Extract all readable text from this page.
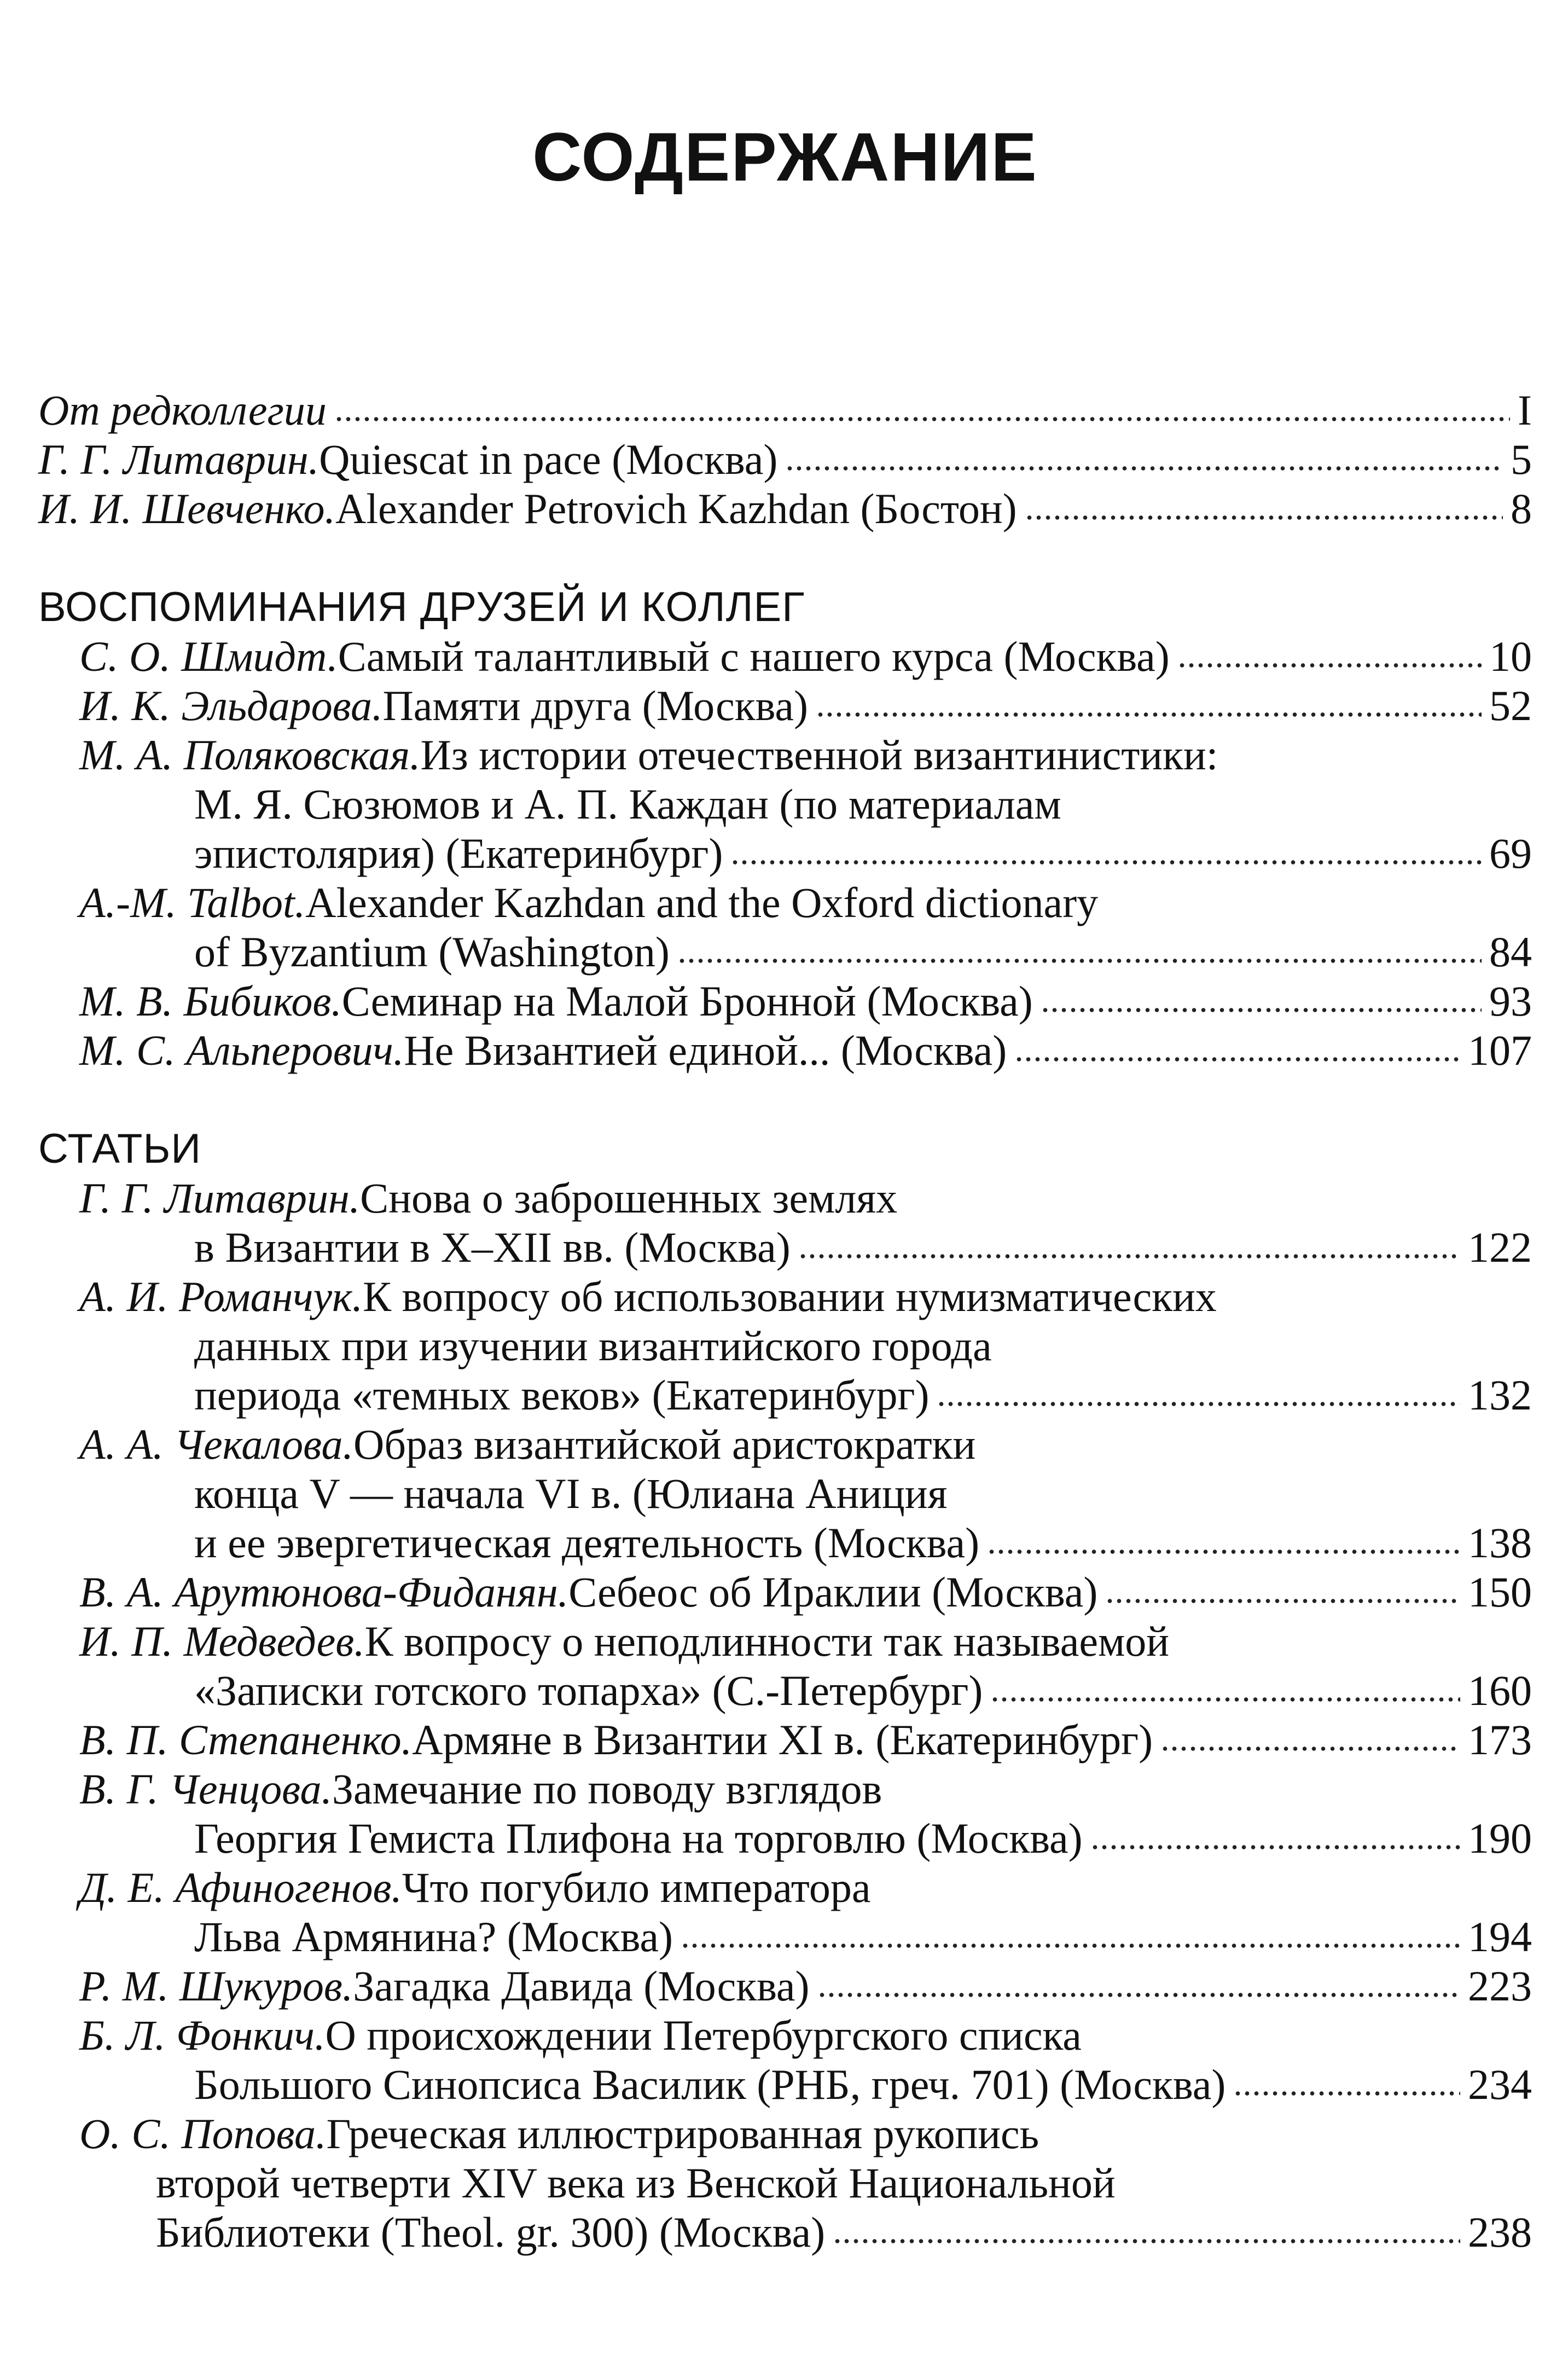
СОДЕРЖАНИЕ
От редколлегии	I
Г. Г. Литаврин. Quiescat in pace (Москва)	5
И. И. Шевченко. Alexander Petrovich Kazhdan (Бостон)	8
ВОСПОМИНАНИЯ ДРУЗЕЙ И КОЛЛЕГ
С. О. Шмидт. Самый талантливый с нашего курса (Москва)	10
И. К. Эльдарова. Памяти друга (Москва)	52
М. А. Поляковская. Из истории отечественной византинистики:
М. Я. Сюзюмов и А. П. Каждан (по материалам
эпистолярия) (Екатеринбург)	69
А.-М. Talbot. Alexander Kazhdan and the Oxford dictionary
of Byzantium (Washington)	84
М. В. Бибиков. Семинар на Малой Бронной (Москва)	93
М. С. Альперович. Не Византией единой... (Москва)	107
СТАТЬИ
Г. Г. Литаврин. Снова о заброшенных землях
в Византии в X–XII вв. (Москва)	122
А. И. Романчук. К вопросу об использовании нумизматических
данных при изучении византийского города
периода «темных веков» (Екатеринбург)	132
А. А. Чекалова. Образ византийской аристократки
конца V — начала VI в. (Юлиана Аниция
и ее эвергетическая деятельность (Москва)	138
В. А. Арутюнова-Фиданян. Себеос об Ираклии (Москва)	150
И. П. Медведев. К вопросу о неподлинности так называемой
«Записки готского топарха» (С.-Петербург)	160
В. П. Степаненко. Армяне в Византии XI в. (Екатеринбург)	173
В. Г. Ченцова. Замечание по поводу взглядов
Георгия Гемиста Плифона на торговлю (Москва)	190
Д. Е. Афиногенов. Что погубило императора
Льва Армянина? (Москва)	194
Р. М. Шукуров. Загадка Давида (Москва)	223
Б. Л. Фонкич. О происхождении Петербургского списка
Большого Синопсиса Василик (РНБ, греч. 701) (Москва)	234
О. С. Попова. Греческая иллюстрированная рукопись
второй четверти XIV века из Венской Национальной
Библиотеки (Theol. gr. 300) (Москва)	238
